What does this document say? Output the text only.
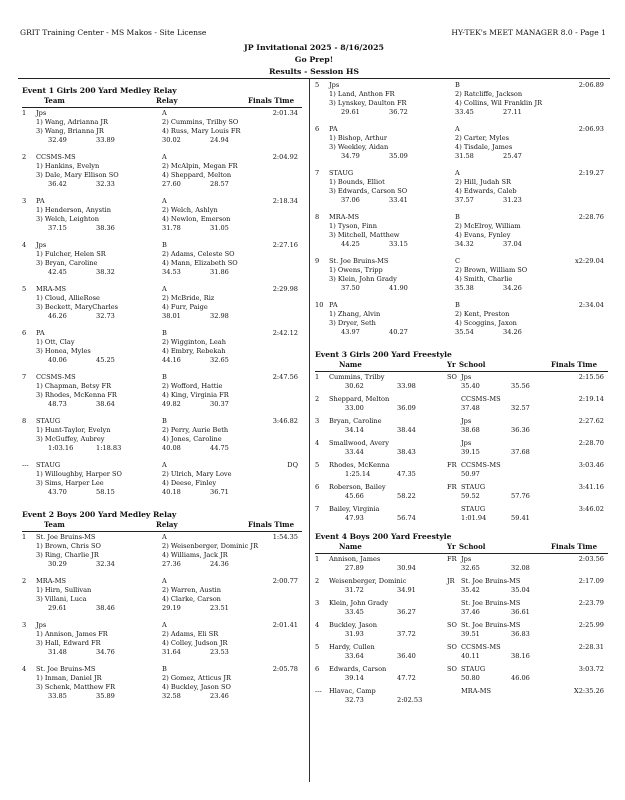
GRIT Training Center - MS Makos - Site License	HY-TEK's MEET MANAGER 8.0 - Page 1
JP Invitational 2025 - 8/16/2025
Go Prep!
Results - Session HS
Event 1 Girls 200 Yard Medley Relay
Team	Relay	Finals Time
1 Jps	A	2:01.34
1) Wang, Adrianna JR	2) Cummins, Trilby SO
3) Wang, Brianna JR	4) Russ, Mary Louis FR
32.49	33.89	30.02	24.94
2 CCSMS-MS	A	2:04.92
1) Hankins, Evelyn	2) McAlpin, Megan FR
3) Dale, Mary Ellison SO	4) Sheppard, Melton
36.42	32.33	27.60	28.57
3 PA	A	2:18.34
1) Henderson, Anystin	2) Welch, Ashlyn
3) Welch, Leighton	4) Newlon, Emerson
37.15	38.36	31.78	31.05
4 Jps	B	2:27.16
1) Fulcher, Helen SR	2) Adams, Celeste SO
3) Bryan, Caroline	4) Mann, Elizabeth SO
42.45	38.32	34.53	31.86
5 MRA-MS	A	2:29.98
1) Cloud, AllieRose	2) McBride, Riz
3) Beckett, MaryCharles	4) Furr, Paige
46.26	32.73	38.01	32.98
6 PA	B	2:42.12
1) Ott, Clay	2) Wigginton, Leah
3) Honea, Myles	4) Embry, Rebekah
40.06	45.25	44.16	32.65
7 CCSMS-MS	B	2:47.56
1) Chapman, Betsy FR	2) Wofford, Hattie
3) Rhodes, McKenna FR	4) King, Virginia FR
48.73	38.64	49.82	30.37
8 STAUG	B	3:46.82
1) Hunt-Taylor, Evelyn	2) Perry, Aurie Beth
3) McGuffey, Aubrey	4) Jones, Caroline
1:03.16	1:18.83	40.08	44.75
--- STAUG	A	DQ
1) Willoughby, Harper SO	2) Ulrich, Mary Love
3) Sims, Harper Lee	4) Deese, Finley
43.70	58.15	40.18	36.71
Event 2 Boys 200 Yard Medley Relay
Team	Relay	Finals Time
1 St. Joe Bruins-MS	A	1:54.35
1) Brown, Chris SO	2) Weisenberger, Dominic JR
3) Ring, Charlie JR	4) Williams, Jack JR
30.29	32.34	27.36	24.36
2 MRA-MS	A	2:00.77
1) Hirn, Sullivan	2) Warren, Austin
3) Villani, Luca	4) Clarke, Carson
29.61	38.46	29.19	23.51
3 Jps	A	2:01.41
1) Annison, James FR	2) Adams, Eli SR
3) Hall, Edward FR	4) Colley, Judson JR
31.48	34.76	31.64	23.53
4 St. Joe Bruins-MS	B	2:05.78
1) Inman, Daniel JR	2) Gomez, Atticus JR
3) Schenk, Matthew FR	4) Buckley, Jason SO
33.85	35.89	32.58	23.46
5 Jps	B	2:06.89
1) Land, Anthon FR	2) Ratcliffe, Jackson
3) Lynskey, Daulton FR	4) Collins, Wil Franklin JR
29.61	36.72	33.45	27.11
6 PA	A	2:06.93
1) Bishop, Arthur	2) Carter, Myles
3) Weekley, Aidan	4) Tisdale, James
34.79	35.09	31.58	25.47
7 STAUG	A	2:19.27
1) Bounds, Elliot	2) Hill, Judah SR
3) Edwards, Carson SO	4) Edwards, Caleb
37.06	33.41	37.57	31.23
8 MRA-MS	B	2:28.76
1) Tyson, Finn	2) McElroy, William
3) Mitchell, Matthew	4) Evans, Fynley
44.25	33.15	34.32	37.04
9 St. Joe Bruins-MS	C	x2:29.04
1) Owens, Tripp	2) Brown, William SO
3) Klein, John Grady	4) Smith, Charlie
37.50	41.90	35.38	34.26
10 PA	B	2:34.04
1) Zhang, Alvin	2) Kent, Preston
3) Dryer, Seth	4) Scoggins, Jaxon
43.97	40.27	35.54	34.26
Event 3 Girls 200 Yard Freestyle
Name	Yr School	Finals Time
1 Cummins, Trilby	SO Jps	2:15.56
30.62	33.98	35.40	35.56
2 Sheppard, Melton	CCSMS-MS	2:19.14
33.00	36.09	37.48	32.57
3 Bryan, Caroline	Jps	2:27.62
34.14	38.44	38.68	36.36
4 Smallwood, Avery	Jps	2:28.70
33.44	38.43	39.15	37.68
5 Rhodes, McKenna	FR CCSMS-MS	3:03.46
1:25.14	47.35	50.97
6 Roberson, Bailey	FR STAUG	3:41.16
45.66	58.22	59.52	57.76
7 Bailey, Virginia	STAUG	3:46.02
47.93	56.74	1:01.94	59.41
Event 4 Boys 200 Yard Freestyle
Name	Yr School	Finals Time
1 Annison, James	FR Jps	2:03.56
27.89	30.94	32.65	32.08
2 Weisenberger, Dominic	JR St. Joe Bruins-MS	2:17.09
31.72	34.91	35.42	35.04
3 Klein, John Grady	St. Joe Bruins-MS	2:23.79
33.45	36.27	37.46	36.61
4 Buckley, Jason	SO St. Joe Bruins-MS	2:25.99
31.93	37.72	39.51	36.83
5 Hardy, Cullen	SO CCSMS-MS	2:28.31
33.64	36.40	40.11	38.16
6 Edwards, Carson	SO STAUG	3:03.72
39.14	47.72	50.80	46.06
--- Hlavac, Camp	MRA-MS	X2:35.26
32.73	2:02.53
